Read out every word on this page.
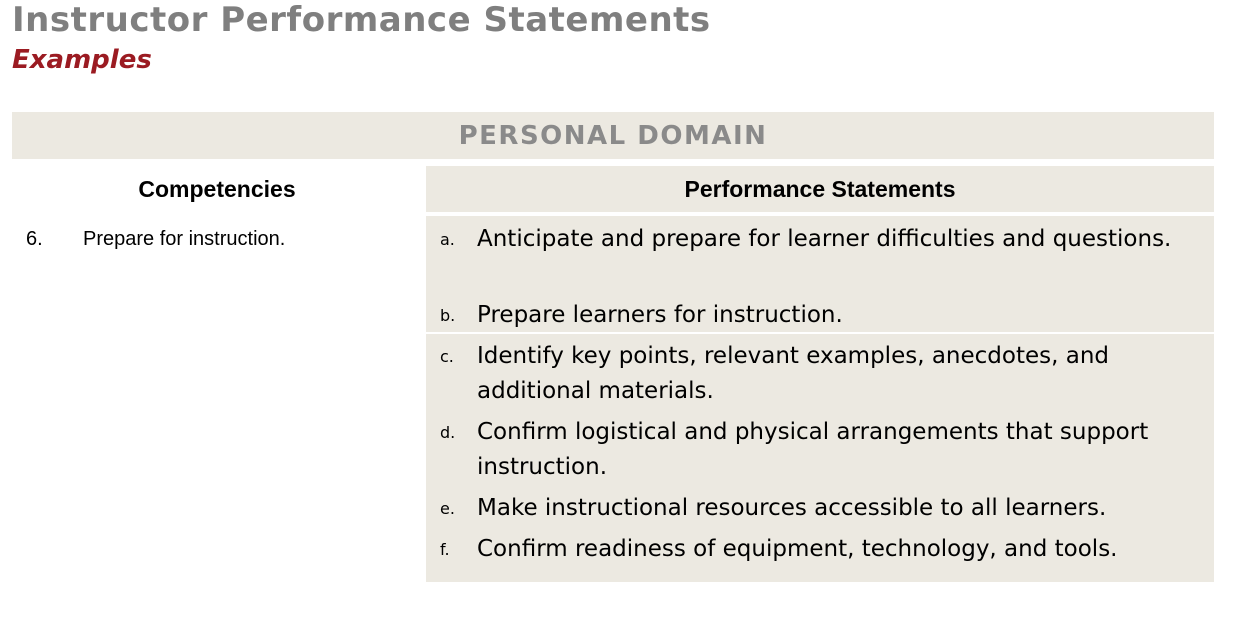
Instructor Performance Statements
Examples
PERSONAL DOMAIN
Competencies	Performance Statements
6. Prepare for instruction.	a. Anticipate and prepare for learner difficulties and questions.
b. Prepare learners for instruction.
c. Identify key points, relevant examples, anecdotes, and additional materials.
d. Confirm logistical and physical arrangements that support instruction.
e. Make instructional resources accessible to all learners.
f. Confirm readiness of equipment, technology, and tools.
